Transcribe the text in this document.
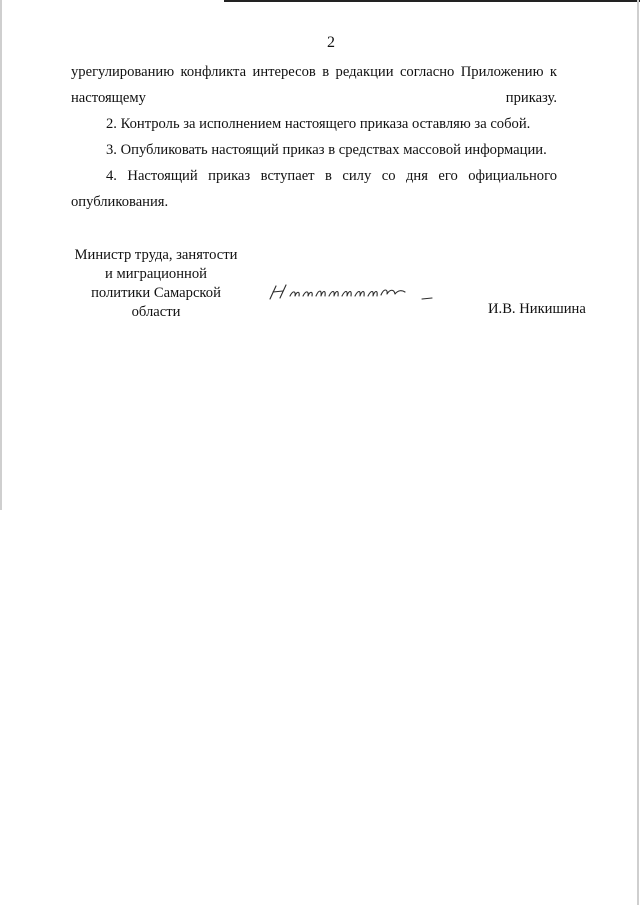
2

урегулированию конфликта интересов в редакции согласно Приложению к настоящему приказу.

2. Контроль за исполнением настоящего приказа оставляю за собой.

3. Опубликовать настоящий приказ в средствах массовой информации.

4. Настоящий приказ вступает в силу со дня его официального опубликования.

Министр труда, занятости
и миграционной
политики Самарской
области	И.В. Никишина
